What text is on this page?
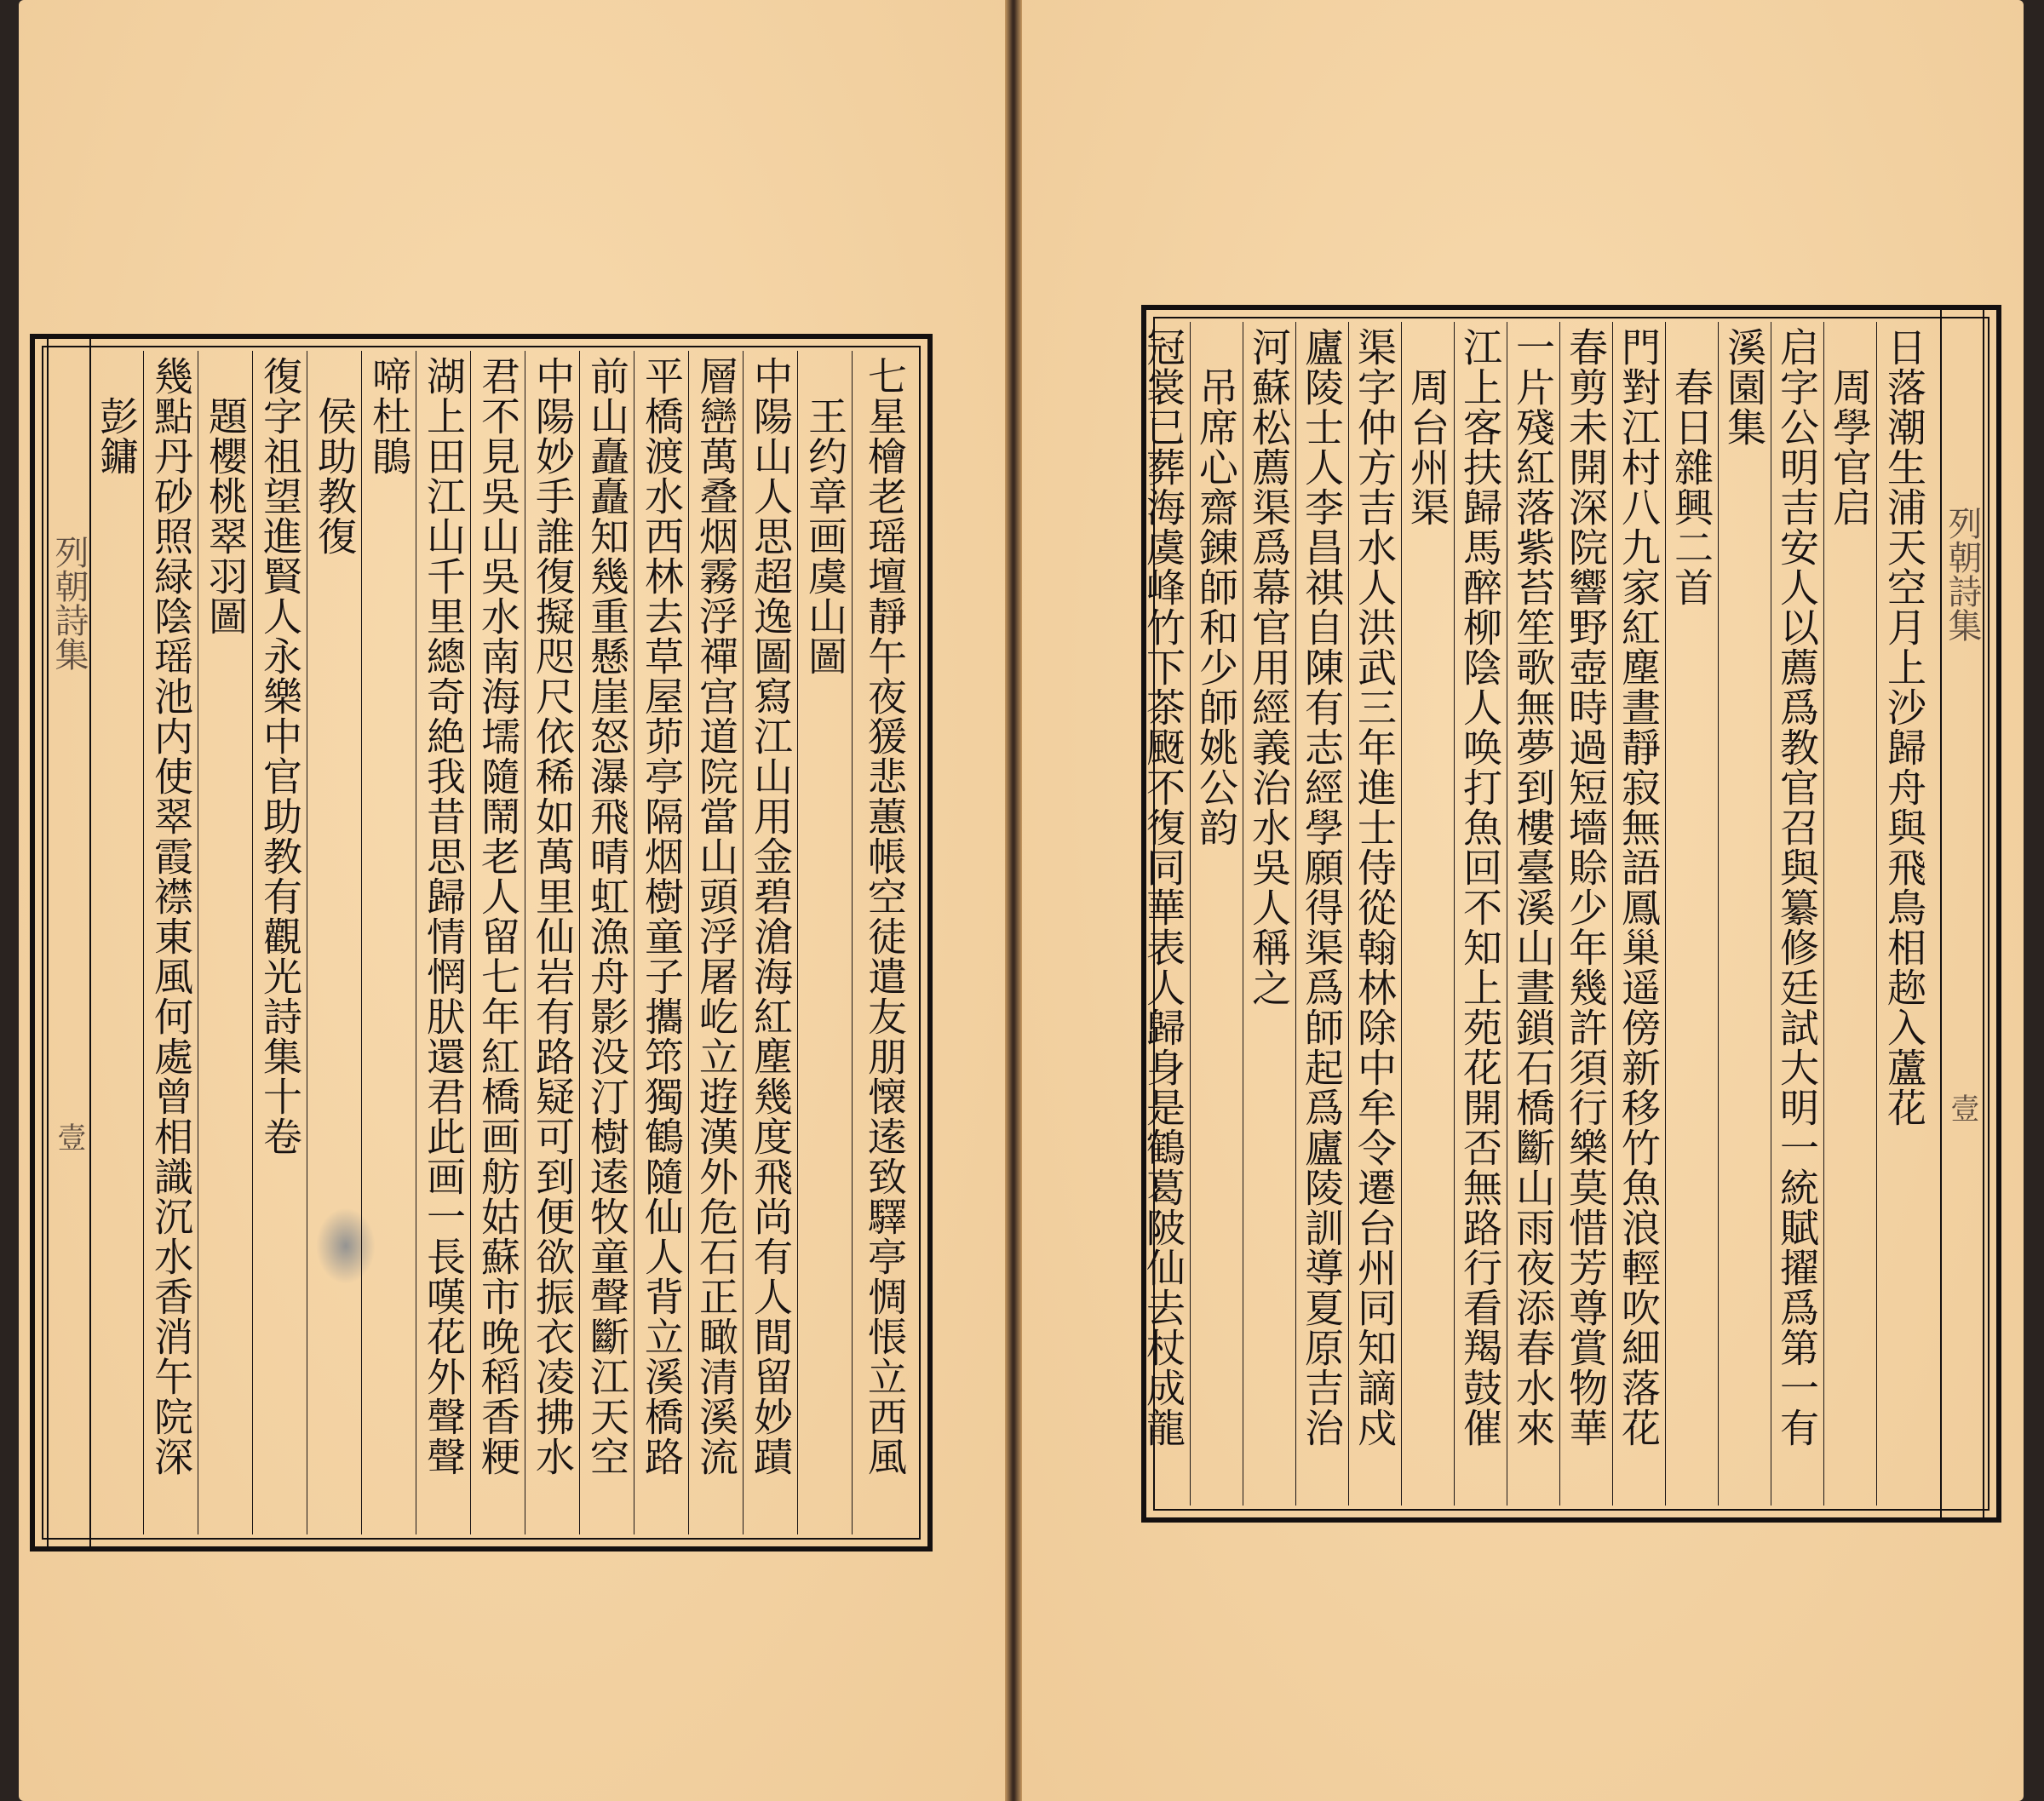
列朝詩集
壹	七星檜老瑶壇靜午夜猨悲蕙帳空徒遣友朋懐逺致驛亭惆悵立西風
　王约章画虞山圖
中陽山人思超逸圖寫江山用金碧滄海紅塵幾度飛尚有人間留妙蹟
層巒萬叠烟霧浮禪宫道院當山頭浮屠屹立逰漢外危石正瞰清溪流
平橋渡水西林去草屋茆亭隔烟樹童子攜筇獨鶴隨仙人背立溪橋路
前山矗矗知幾重懸崖怒瀑飛晴虹漁舟影没汀樹逺牧童聲斷江天空
中陽妙手誰復擬咫尺依稀如萬里仙岩有路疑可到便欲振衣凌拂水
君不見吳山吳水南海壖隨鬧老人留七年紅橋画舫姑蘇市晚稻香粳
湖上田江山千里總奇絶我昔思歸情惘肰還君此画一長嘆花外聲聲
啼杜鵑
　侯助教復
復字祖望進賢人永樂中官助教有觀光詩集十卷
　題櫻桃翠羽圖
幾點丹砂照緑陰瑶池内使翠霞襟東風何處曾相識沉水香消午院深
　彭鏞
列朝詩集
壹
日落潮生浦天空月上沙歸舟與飛鳥相趂入蘆花
　周學官启
启字公明吉安人以薦爲教官召與纂修廷試大明一統賦擢爲第一有
溪園集
　春日雜興二首
門對江村八九家紅塵晝靜寂無語鳳巢遥傍新移竹魚浪輕吹細落花
春剪未開深院響野壺時過短墻賒少年幾許須行樂莫惜芳尊賞物華
一片殘紅落紫苔笙歌無夢到樓臺溪山晝鎖石橋斷山雨夜添春水來
江上客扶歸馬醉柳陰人唤打魚回不知上苑花開否無路行看羯鼓催
　周台州渠
渠字仲方吉水人洪武三年進士侍從翰林除中牟令遷台州同知謫戍
廬陵士人李昌祺自陳有志經學願得渠爲師起爲廬陵訓導夏原吉治
河蘇松薦渠爲幕官用經義治水吳人稱之
　吊席心齋錬師和少師姚公韵
冠裳已葬海虞峰竹下茶颬不復同華表人歸身是鶴葛陂仙去杖成龍
